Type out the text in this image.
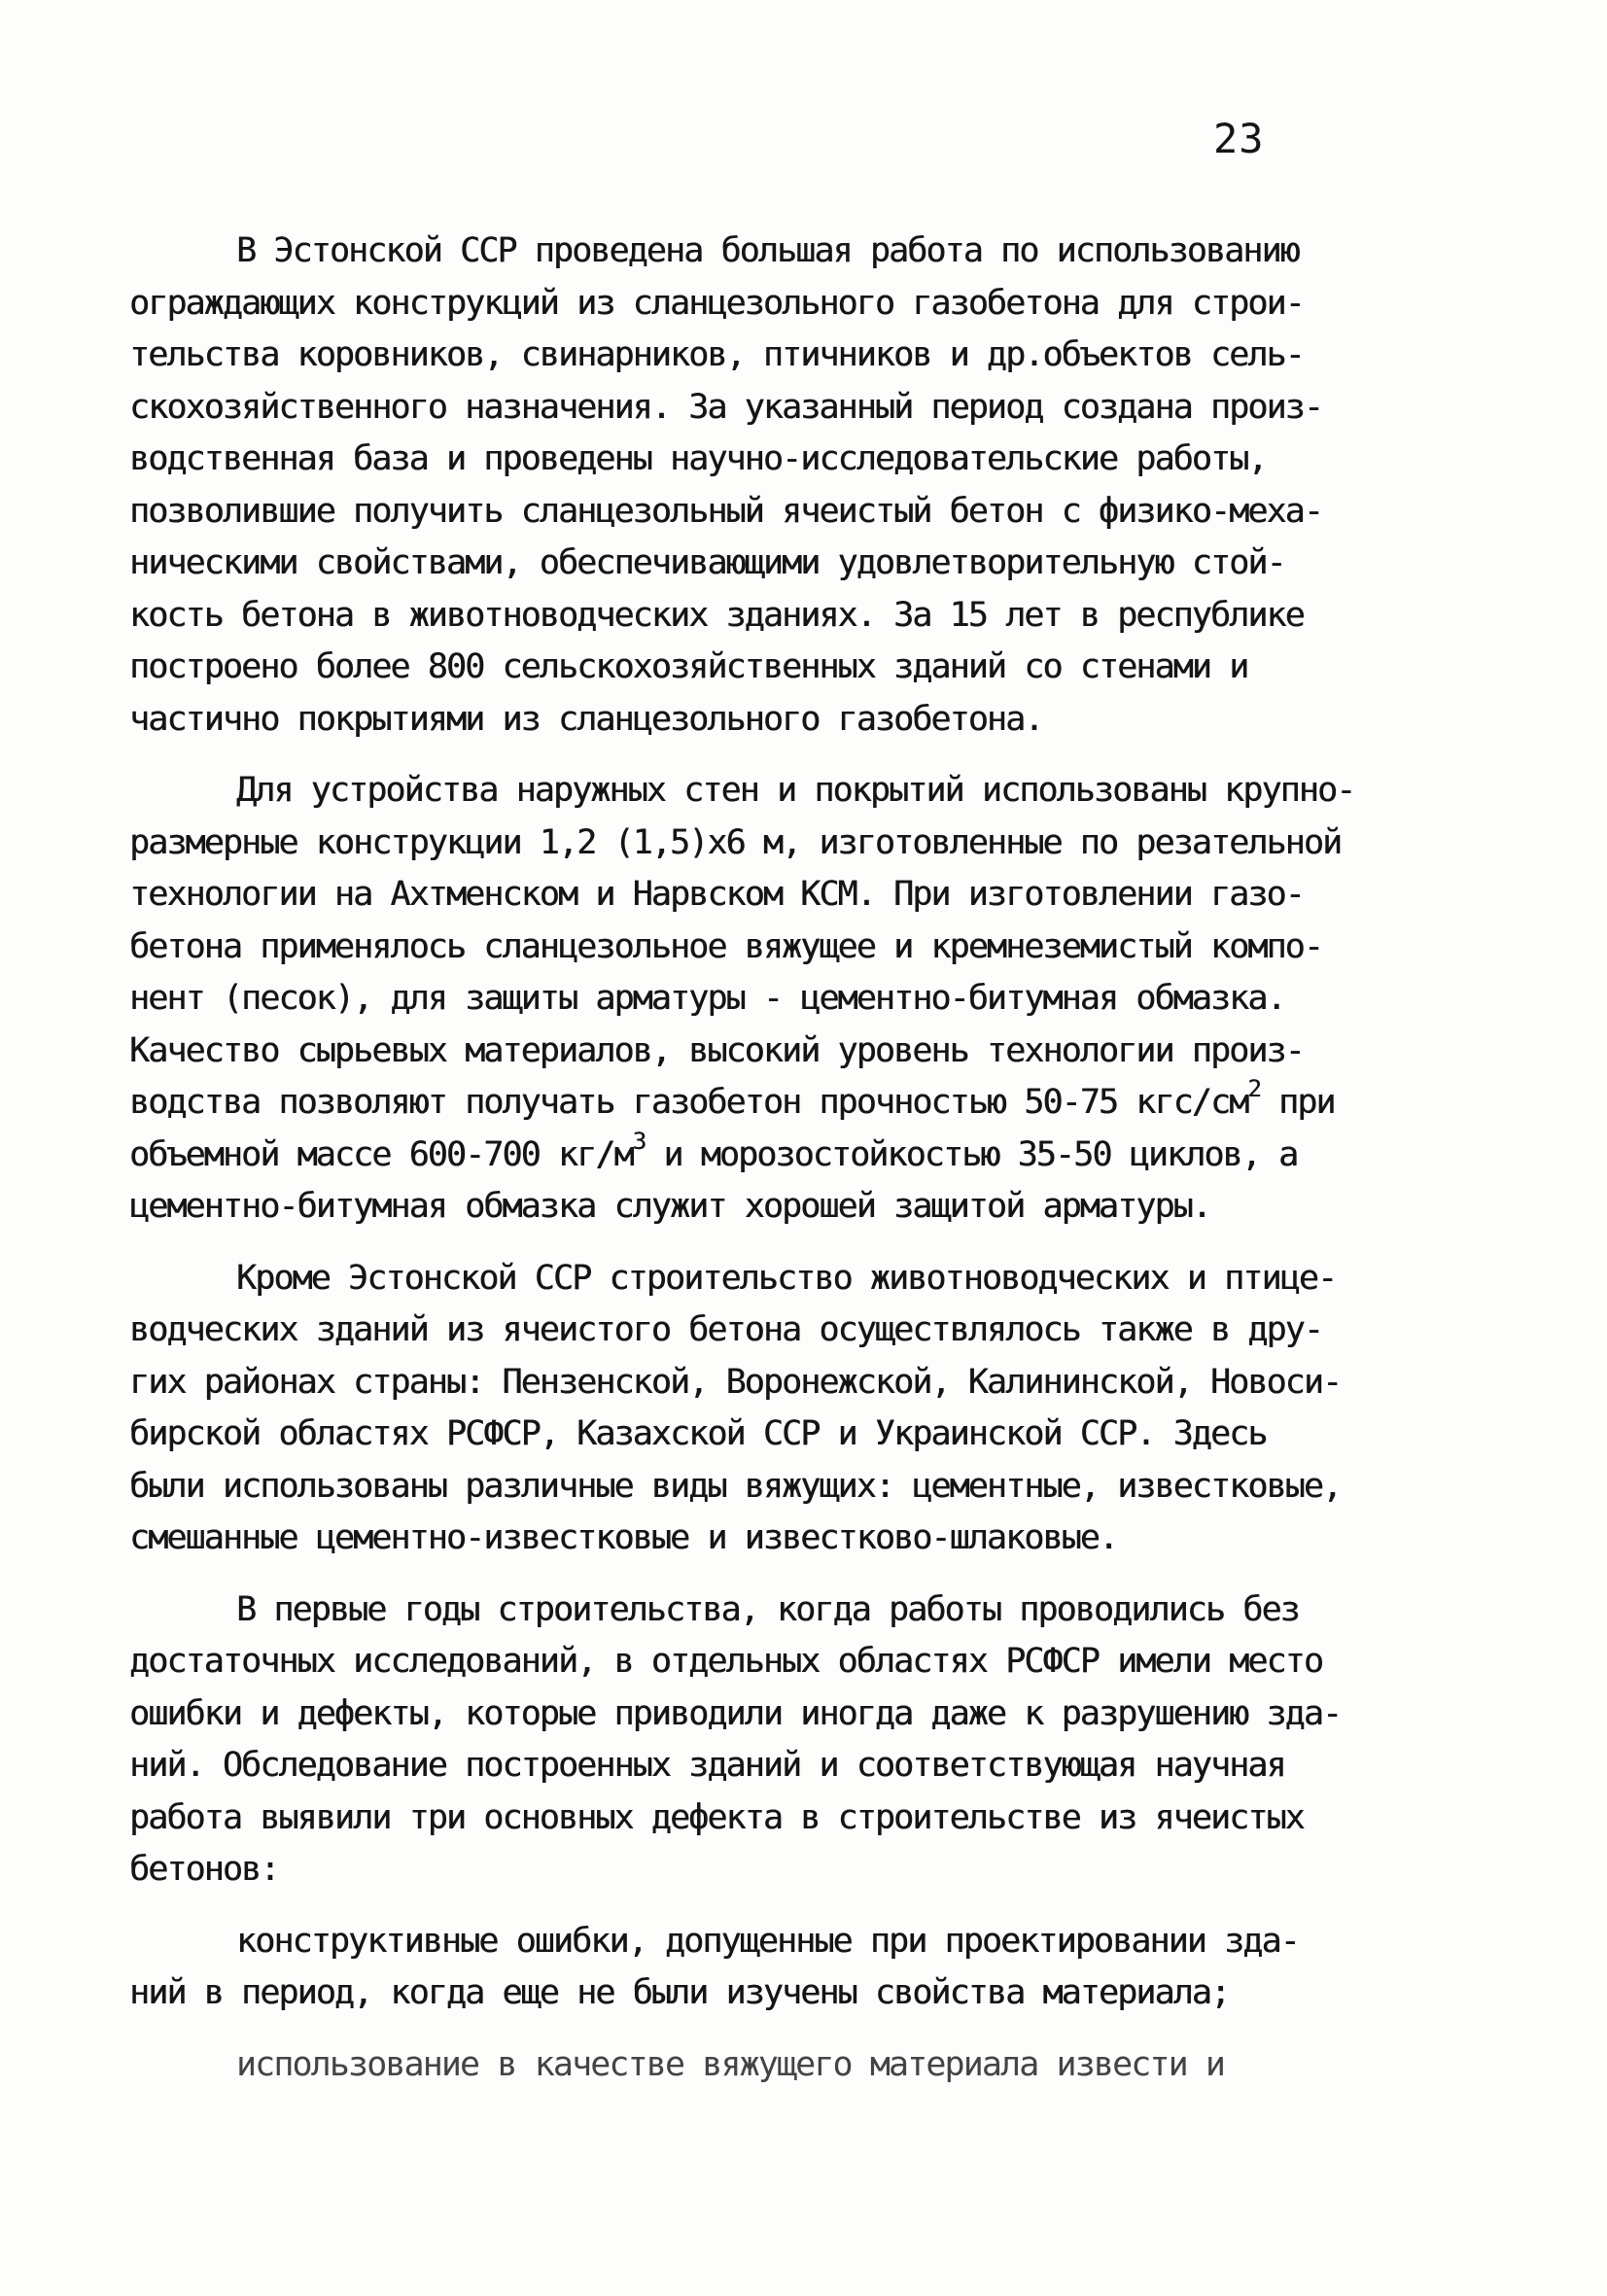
23
В Эстонской ССР проведена большая работа по использованию
ограждающих конструкций из сланцезольного газобетона для строи-
тельства коровников, свинарников, птичников и др.объектов сель-
скохозяйственного назначения. За указанный период создана произ-
водственная база и проведены научно-исследовательские работы,
позволившие получить сланцезольный ячеистый бетон с физико-меха-
ническими свойствами, обеспечивающими удовлетворительную стой-
кость бетона в животноводческих зданиях. За 15 лет в республике
построено более 800 сельскохозяйственных зданий со стенами и
частично покрытиями из сланцезольного газобетона.
Для устройства наружных стен и покрытий использованы крупно-
размерные конструкции 1,2 (1,5)х6 м, изготовленные по резательной
технологии на Ахтменском и Нарвском КСМ. При изготовлении газо-
бетона применялось сланцезольное вяжущее и кремнеземистый компо-
нент (песок), для защиты арматуры - цементно-битумная обмазка.
Качество сырьевых материалов, высокий уровень технологии произ-
водства позволяют получать газобетон прочностью 50-75 кгс/$см^2$ при
объемной массе 600-700 $кг/м^3$ и морозостойкостью 35-50 циклов, а
цементно-битумная обмазка служит хорошей защитой арматуры.
Кроме Эстонской ССР строительство животноводческих и птице-
водческих зданий из ячеистого бетона осуществлялось также в дру-
гих районах страны: Пензенской, Воронежской, Калининской, Новоси-
бирской областях РСФСР, Казахской ССР и Украинской ССР. Здесь
были использованы различные виды вяжущих: цементные, известковые,
смешанные цементно-известковые и известково-шлаковые.
В первые годы строительства, когда работы проводились без
достаточных исследований, в отдельных областях РСФСР имели место
ошибки и дефекты, которые приводили иногда даже к разрушению зда-
ний. Обследование построенных зданий и соответствующая научная
работа выявили три основных дефекта в строительстве из ячеистых
бетонов:
конструктивные ошибки, допущенные при проектировании зда-
ний в период, когда еще не были изучены свойства материала;
использование в качестве вяжущего материала извести и
